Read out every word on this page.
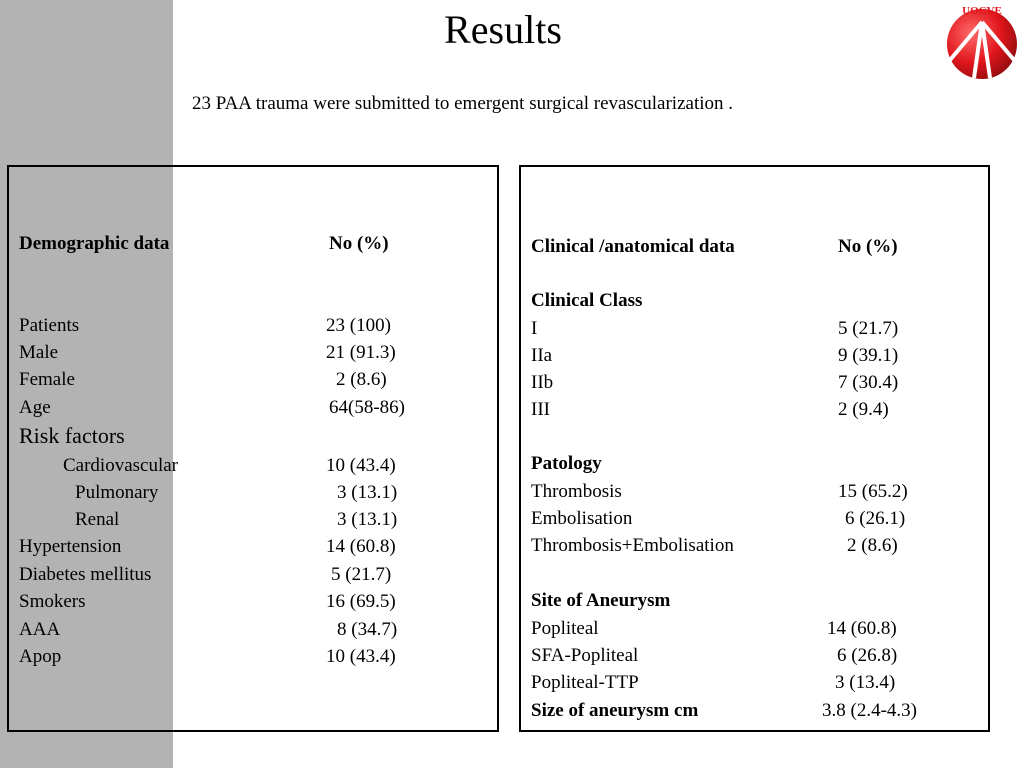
Results
23 PAA trauma were submitted to emergent surgical revascularization .
UOCVE
Demographic data	No (%)
Patients	23 (100)
Male	21 (91.3)
Female	2 (8.6)
Age	64(58-86)
Risk factors
Cardiovascular	10 (43.4)
Pulmonary	3 (13.1)
Renal	3 (13.1)
Hypertension	14 (60.8)
Diabetes mellitus	5 (21.7)
Smokers	16 (69.5)
AAA	8 (34.7)
Apop	10 (43.4)
Clinical /anatomical data	No (%)
Clinical Class
I	5 (21.7)
IIa	9 (39.1)
IIb	7 (30.4)
III	2 (9.4)
Patology
Thrombosis	15 (65.2)
Embolisation	6 (26.1)
Thrombosis+Embolisation	2 (8.6)
Site of Aneurysm
Popliteal	14 (60.8)
SFA-Popliteal	6 (26.8)
Popliteal-TTP	3 (13.4)
Size of aneurysm cm	3.8 (2.4-4.3)
